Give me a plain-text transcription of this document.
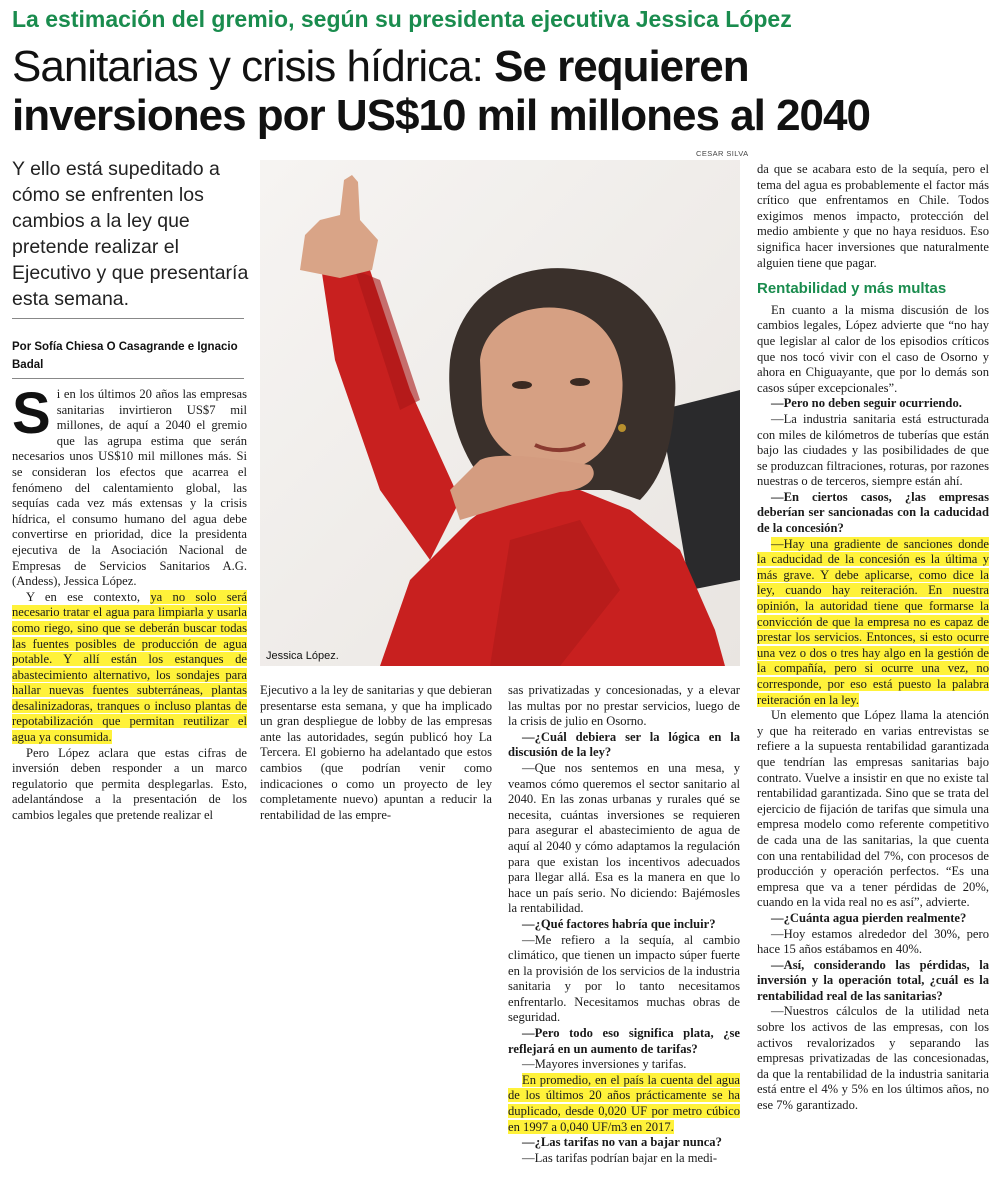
La estimación del gremio, según su presidenta ejecutiva Jessica López
Sanitarias y crisis hídrica: Se requieren inversiones por US$10 mil millones al 2040
Y ello está supeditado a cómo se enfrenten los cambios a la ley que pretende realizar el Ejecutivo y que presentaría esta semana.
Por Sofía Chiesa O Casagrande e Ignacio Badal
CESAR SILVA
Jessica López.

Si en los últimos 20 años las empresas sanitarias invirtieron US$7 mil millones, de aquí a 2040 el gremio que las agrupa estima que serán necesarios unos US$10 mil millones más. Si se consideran los efectos que acarrea el fenómeno del calentamiento global, las sequías cada vez más extensas y la crisis hídrica, el consumo humano del agua debe convertirse en prioridad, dice la presidenta ejecutiva de la Asociación Nacional de Empresas de Servicios Sanitarios A.G. (Andess), Jessica López.

Y en ese contexto, ya no solo será necesario tratar el agua para limpiarla y usarla como riego, sino que se deberán buscar todas las fuentes posibles de producción de agua potable. Y allí están los estanques de abastecimiento alternativo, los sondajes para hallar nuevas fuentes subterráneas, plantas desalinizadoras, tranques o incluso plantas de repotabilización que permitan reutilizar el agua ya consumida.

Pero López aclara que estas cifras de inversión deben responder a un marco regulatorio que permita desplegarlas. Esto, adelantándose a la presentación de los cambios legales que pretende realizar el

Ejecutivo a la ley de sanitarias y que debieran presentarse esta semana, y que ha implicado un gran despliegue de lobby de las empresas ante las autoridades, según publicó hoy La Tercera. El gobierno ha adelantado que estos cambios (que podrían venir como indicaciones o como un proyecto de ley completamente nuevo) apuntan a reducir la rentabilidad de las empre-

sas privatizadas y concesionadas, y a elevar las multas por no prestar servicios, luego de la crisis de julio en Osorno.

—¿Cuál debiera ser la lógica en la discusión de la ley?

—Que nos sentemos en una mesa, y veamos cómo queremos el sector sanitario al 2040. En las zonas urbanas y rurales qué se necesita, cuántas inversiones se requieren para asegurar el abastecimiento de agua de aquí al 2040 y cómo adaptamos la regulación para que existan los incentivos adecuados para llegar allá. Esa es la manera en que lo hace un país serio. No diciendo: Bajémosles la rentabilidad.

—¿Qué factores habría que incluir?

—Me refiero a la sequía, al cambio climático, que tienen un impacto súper fuerte en la provisión de los servicios de la industria sanitaria y por lo tanto necesitamos enfrentarlo. Necesitamos muchas obras de seguridad.

—Pero todo eso significa plata, ¿se reflejará en un aumento de tarifas?

—Mayores inversiones y tarifas.

En promedio, en el país la cuenta del agua de los últimos 20 años prácticamente se ha duplicado, desde 0,020 UF por metro cúbico en 1997 a 0,040 UF/m3 en 2017.

—¿Las tarifas no van a bajar nunca?

—Las tarifas podrían bajar en la medi-

da que se acabara esto de la sequía, pero el tema del agua es probablemente el factor más crítico que enfrentamos en Chile. Todos exigimos menos impacto, protección del medio ambiente y que no haya residuos. Eso significa hacer inversiones que naturalmente alguien tiene que pagar.

Rentabilidad y más multas

En cuanto a la misma discusión de los cambios legales, López advierte que “no hay que legislar al calor de los episodios críticos que nos tocó vivir con el caso de Osorno y ahora en Chiguayante, que por lo demás son casos súper excepcionales”.

—Pero no deben seguir ocurriendo.

—La industria sanitaria está estructurada con miles de kilómetros de tuberías que están bajo las ciudades y las posibilidades de que se produzcan filtraciones, roturas, por razones nuestras o de terceros, siempre están ahí.

—En ciertos casos, ¿las empresas deberían ser sancionadas con la caducidad de la concesión?

—Hay una gradiente de sanciones donde la caducidad de la concesión es la última y más grave. Y debe aplicarse, como dice la ley, cuando hay reiteración. En nuestra opinión, la autoridad tiene que formarse la convicción de que la empresa no es capaz de prestar los servicios. Entonces, si esto ocurre una vez o dos o tres hay algo en la gestión de la compañía, pero si ocurre una vez, no corresponde, por eso está puesto la palabra reiteración en la ley.

Un elemento que López llama la atención y que ha reiterado en varias entrevistas se refiere a la supuesta rentabilidad garantizada que tendrían las empresas sanitarias bajo contrato. Vuelve a insistir en que no existe tal rentabilidad garantizada. Sino que se trata del ejercicio de fijación de tarifas que simula una empresa modelo como referente competitivo de cada una de las sanitarias, la que cuenta con una rentabilidad del 7%, con procesos de producción y operación perfectos. “Es una empresa que va a tener pérdidas de 20%, cuando en la vida real no es así”, advierte.

—¿Cuánta agua pierden realmente?

—Hoy estamos alrededor del 30%, pero hace 15 años estábamos en 40%.

—Así, considerando las pérdidas, la inversión y la operación total, ¿cuál es la rentabilidad real de las sanitarias?

—Nuestros cálculos de la utilidad neta sobre los activos de las empresas, con los activos revalorizados y separando las empresas privatizadas de las concesionadas, da que la rentabilidad de la industria sanitaria está entre el 4% y 5% en los últimos años, no ese 7% garantizado.
